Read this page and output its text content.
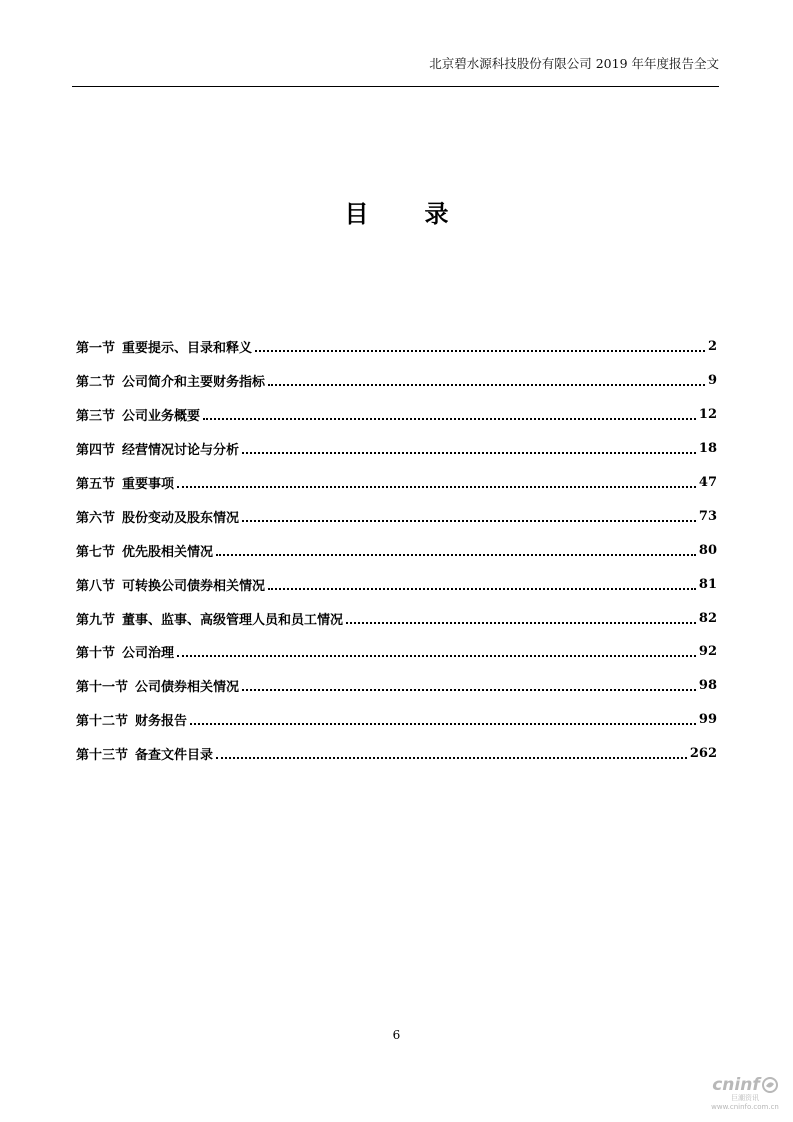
北京碧水源科技股份有限公司 2019 年年度报告全文
目录
第一节 重要提示、目录和释义	2
第二节 公司简介和主要财务指标	9
第三节 公司业务概要	12
第四节 经营情况讨论与分析	18
第五节 重要事项	47
第六节 股份变动及股东情况	73
第七节 优先股相关情况	80
第八节 可转换公司债券相关情况	81
第九节 董事、监事、高级管理人员和员工情况	82
第十节 公司治理	92
第十一节 公司债券相关情况	98
第十二节 财务报告	99
第十三节 备查文件目录	262
6
cninf
巨潮资讯
www.cninfo.com.cn
